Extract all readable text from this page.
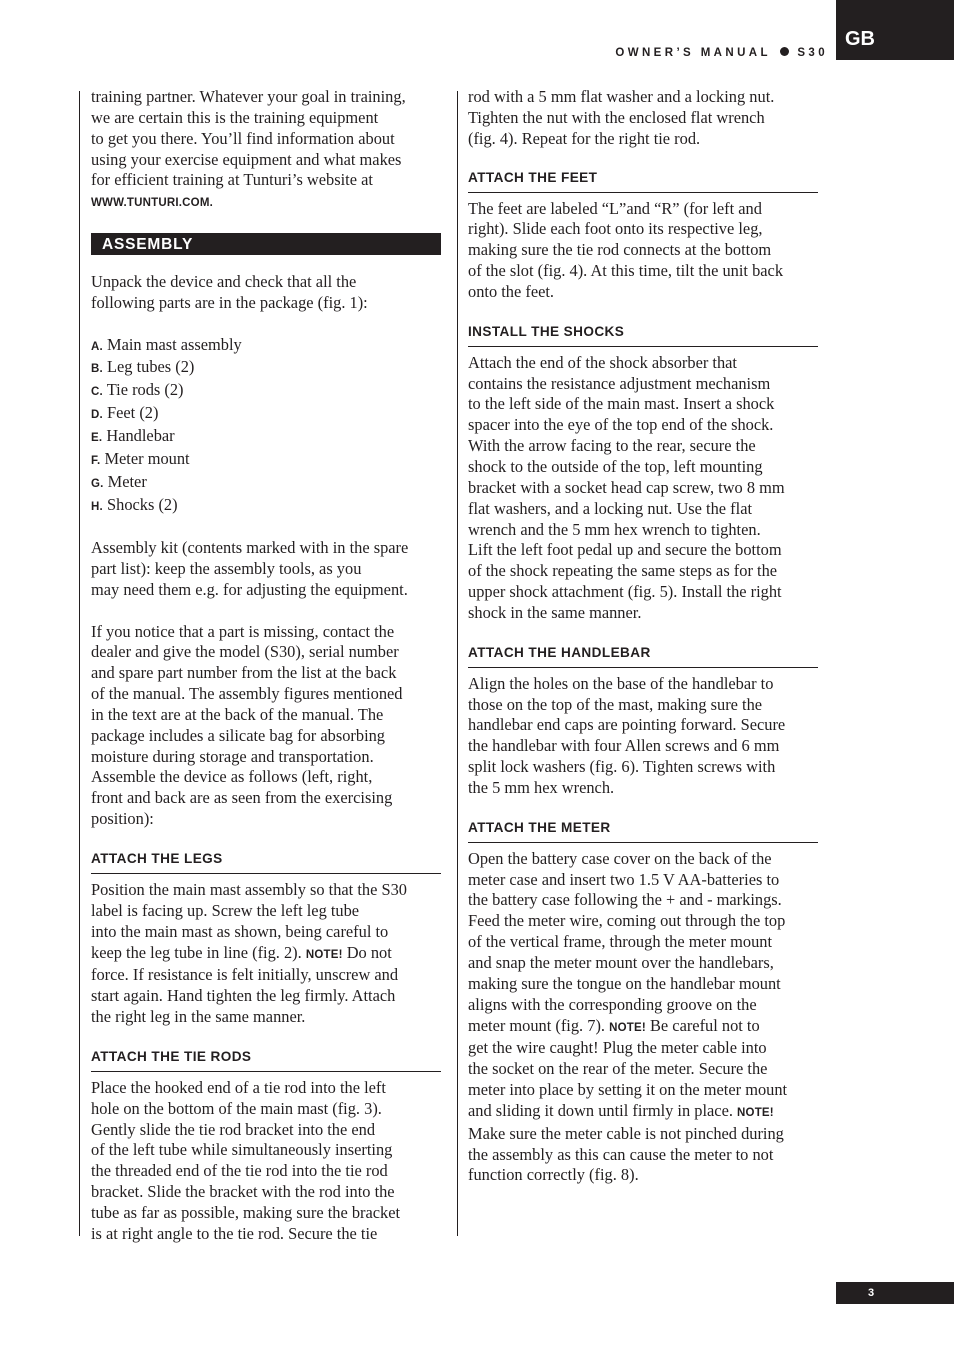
GB
OWNER’S MANUAL S30

training partner. Whatever your goal in training,

we are certain this is the training equipment

to get you there. You’ll find information about

using your exercise equipment and what makes

for efficient training at Tunturi’s website at

WWW.TUNTURI.COM.

ASSEMBLY

Unpack the device and check that all the

following parts are in the package (fig. 1):

A. Main mast assembly

B. Leg tubes (2)

C. Tie rods (2)

D. Feet (2)

E. Handlebar

F. Meter mount

G. Meter

H. Shocks (2)

Assembly kit (contents marked with in the spare

part list): keep the assembly tools, as you

may need them e.g. for adjusting the equipment.

If you notice that a part is missing, contact the

dealer and give the model (S30), serial number

and spare part number from the list at the back

of the manual. The assembly figures mentioned

in the text are at the back of the manual. The

package includes a silicate bag for absorbing

moisture during storage and transportation.

Assemble the device as follows (left, right,

front and back are as seen from the exercising

position):

ATTACH THE LEGS

Position the main mast assembly so that the S30

label is facing up. Screw the left leg tube

into the main mast as shown, being careful to

keep the leg tube in line (fig. 2). NOTE! Do not

force. If resistance is felt initially, unscrew and

start again. Hand tighten the leg firmly. Attach

the right leg in the same manner.

ATTACH THE TIE RODS

Place the hooked end of a tie rod into the left

hole on the bottom of the main mast (fig. 3).

Gently slide the tie rod bracket into the end

of the left tube while simultaneously inserting

the threaded end of the tie rod into the tie rod

bracket. Slide the bracket with the rod into the

tube as far as possible, making sure the bracket

is at right angle to the tie rod. Secure the tie

rod with a 5 mm flat washer and a locking nut.

Tighten the nut with the enclosed flat wrench

(fig. 4). Repeat for the right tie rod.

ATTACH THE FEET

The feet are labeled “L”and “R” (for left and

right). Slide each foot onto its respective leg,

making sure the tie rod connects at the bottom

of the slot (fig. 4). At this time, tilt the unit back

onto the feet.

INSTALL THE SHOCKS

Attach the end of the shock absorber that

contains the resistance adjustment mechanism

to the left side of the main mast. Insert a shock

spacer into the eye of the top end of the shock.

With the arrow facing to the rear, secure the

shock to the outside of the top, left mounting

bracket with a socket head cap screw, two 8 mm

flat washers, and a locking nut. Use the flat

wrench and the 5 mm hex wrench to tighten.

Lift the left foot pedal up and secure the bottom

of the shock repeating the same steps as for the

upper shock attachment (fig. 5). Install the right

shock in the same manner.

ATTACH THE HANDLEBAR

Align the holes on the base of the handlebar to

those on the top of the mast, making sure the

handlebar end caps are pointing forward. Secure

the handlebar with four Allen screws and 6 mm

split lock washers (fig. 6). Tighten screws with

the 5 mm hex wrench.

ATTACH THE METER

Open the battery case cover on the back of the

meter case and insert two 1.5 V AA-batteries to

the battery case following the + and - markings.

Feed the meter wire, coming out through the top

of the vertical frame, through the meter mount

and snap the meter mount over the handlebars,

making sure the tongue on the handlebar mount

aligns with the corresponding groove on the

meter mount (fig. 7). NOTE! Be careful not to

get the wire caught! Plug the meter cable into

the socket on the rear of the meter. Secure the

meter into place by setting it on the meter mount

and sliding it down until firmly in place. NOTE!

Make sure the meter cable is not pinched during

the assembly as this can cause the meter to not

function correctly (fig. 8).

3
